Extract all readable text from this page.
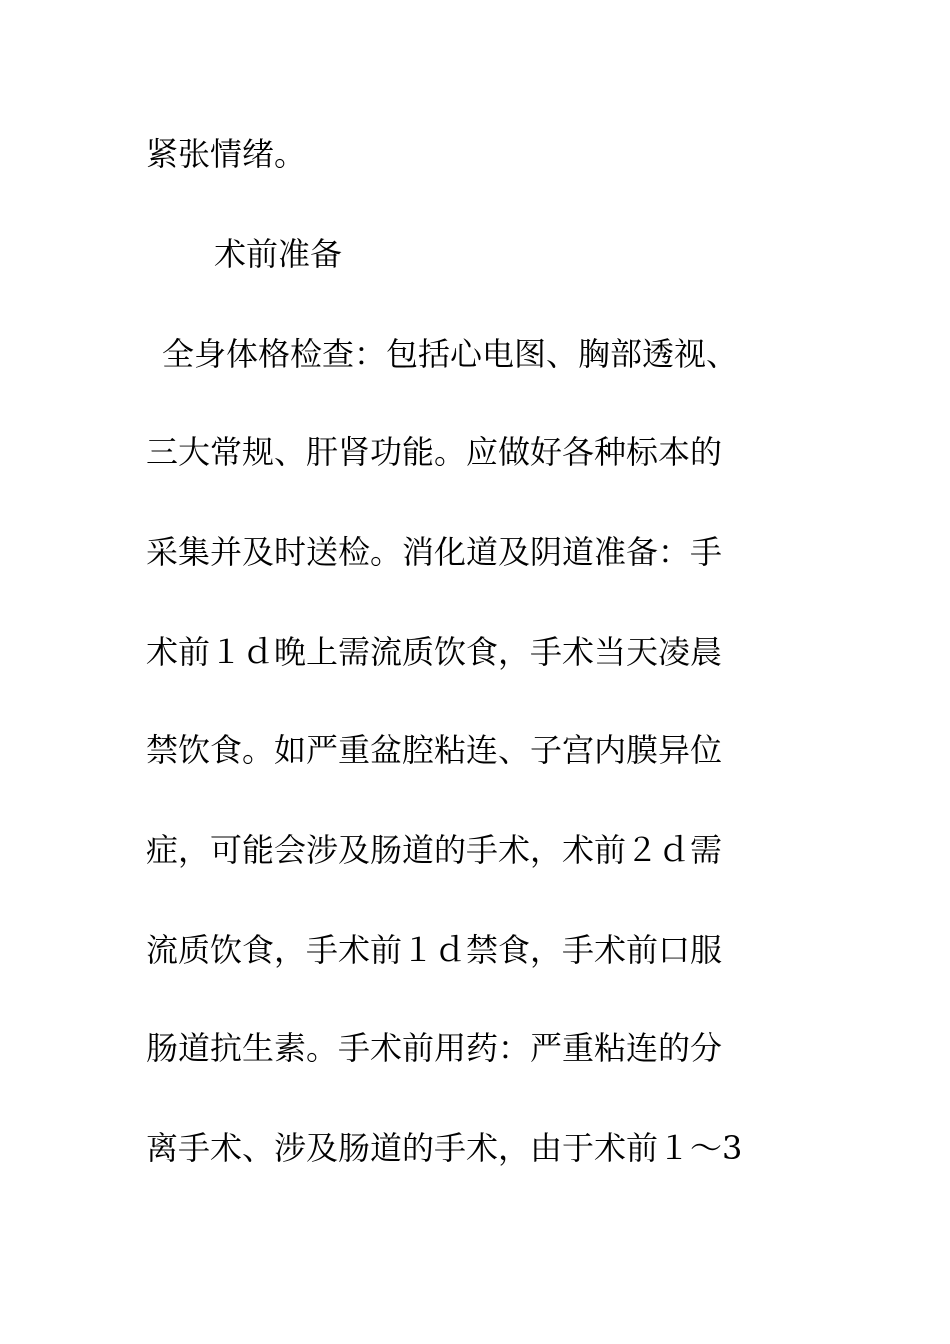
紧张情绪。
术前准备
全身体格检查：包括心电图、胸部透视、
三大常规、肝肾功能。应做好各种标本的
采集并及时送检。消化道及阴道准备：手
术前１ｄ晚上需流质饮食，手术当天凌晨
禁饮食。如严重盆腔粘连、子宫内膜异位
症，可能会涉及肠道的手术，术前２ｄ需
流质饮食，手术前１ｄ禁食，手术前口服
肠道抗生素。手术前用药：严重粘连的分
离手术、涉及肠道的手术，由于术前１～3
